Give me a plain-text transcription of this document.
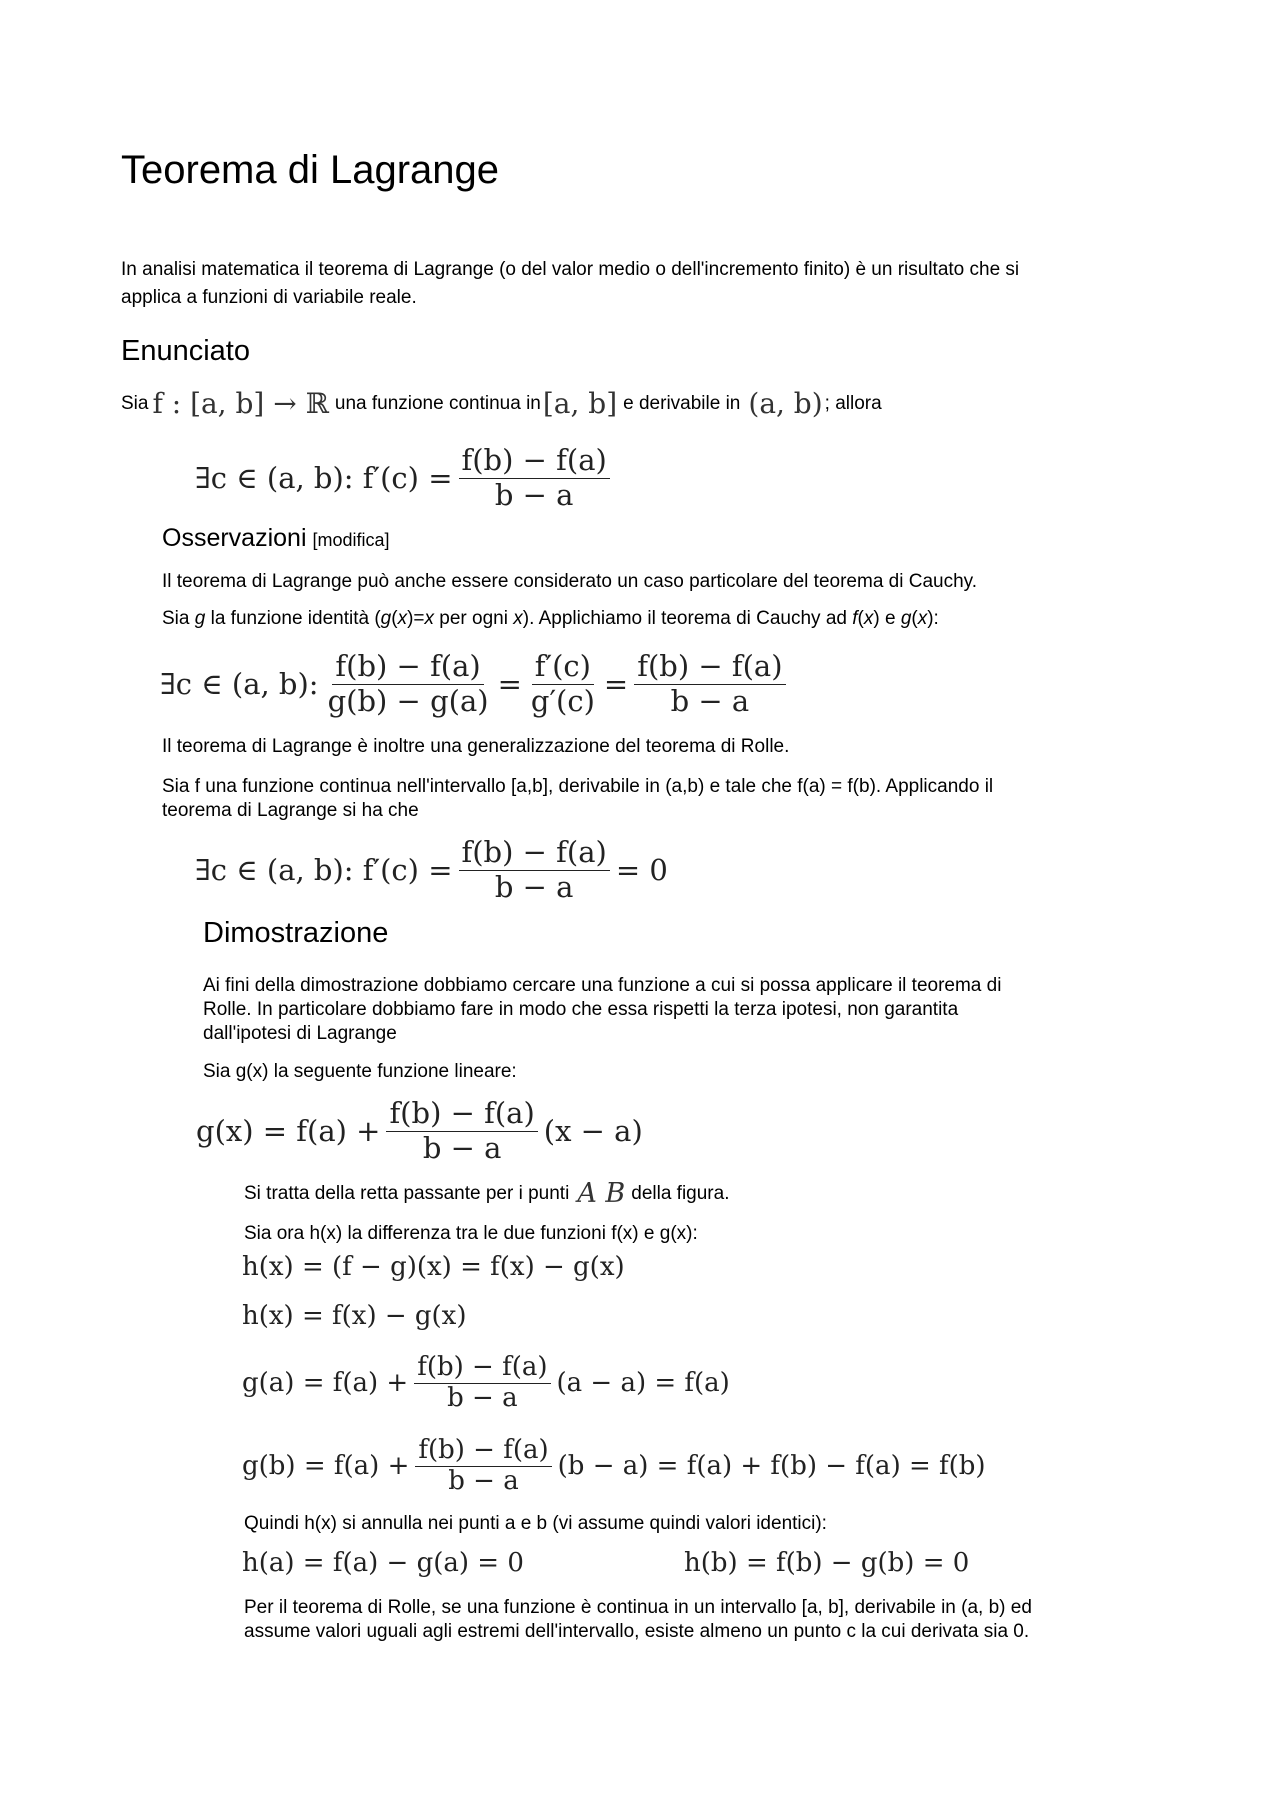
Teorema di Lagrange
In analisi matematica il teorema di Lagrange (o del valor medio o dell'incremento finito) è un risultato che si
applica a funzioni di variabile reale.
Enunciato
Sia f : [a, b] → ℝ una funzione continua in [a, b] e derivabile in (a, b) ; allora
∃c ∈ (a, b): $f'(c) = \frac{f(b) - f(a)}{b - a}$
Osservazioni [modifica]
Il teorema di Lagrange può anche essere considerato un caso particolare del teorema di Cauchy.
Sia g la funzione identità (g(x)=x per ogni x). Applichiamo il teorema di Cauchy ad f(x) e g(x):
∃c ∈ (a, b): $\frac{f(b) - f(a)}{g(b) - g(a)} = \frac{f'(c)}{g'(c)} = \frac{f(b) - f(a)}{b - a}$
Il teorema di Lagrange è inoltre una generalizzazione del teorema di Rolle.
Sia f una funzione continua nell'intervallo [a,b], derivabile in (a,b) e tale che f(a) = f(b). Applicando il
teorema di Lagrange si ha che
∃c ∈ (a, b): $f'(c) = \frac{f(b) - f(a)}{b - a} = 0$
Dimostrazione
Ai fini della dimostrazione dobbiamo cercare una funzione a cui si possa applicare il teorema di
Rolle. In particolare dobbiamo fare in modo che essa rispetti la terza ipotesi, non garantita
dall'ipotesi di Lagrange
Sia g(x) la seguente funzione lineare:
$g(x) = f(a) + \frac{f(b) - f(a)}{b - a} (x - a)$
Si tratta della retta passante per i punti A B della figura.
Sia ora h(x) la differenza tra le due funzioni f(x) e g(x):
h(x) = (f − g)(x) = f(x) − g(x)
h(x) = f(x) − g(x)
$g(a) = f(a) + \frac{f(b) - f(a)}{b - a} (a - a) = f(a)$
$g(b) = f(a) + \frac{f(b) - f(a)}{b - a} (b - a) = f(a) + f(b) - f(a) = f(b)$
Quindi h(x) si annulla nei punti a e b (vi assume quindi valori identici):
h(a) = f(a) − g(a) = 0	h(b) = f(b) − g(b) = 0
Per il teorema di Rolle, se una funzione è continua in un intervallo [a, b], derivabile in (a, b) ed
assume valori uguali agli estremi dell'intervallo, esiste almeno un punto c la cui derivata sia 0.
